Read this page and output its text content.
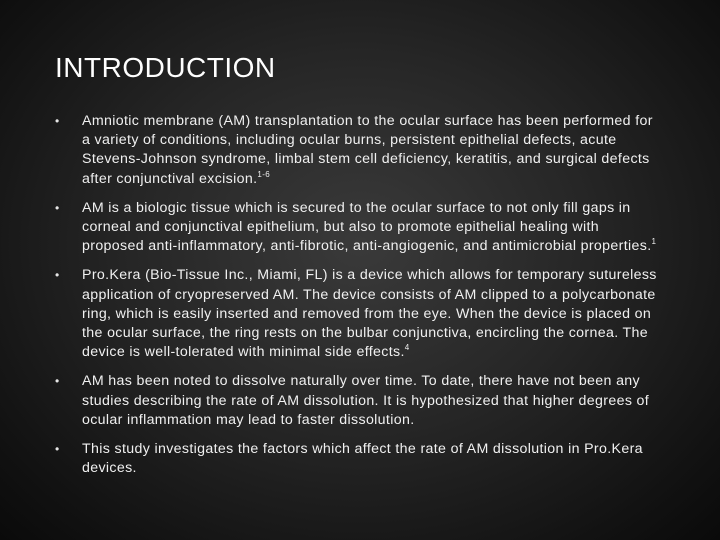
INTRODUCTION
• Amniotic membrane (AM) transplantation to the ocular surface has been performed for a variety of conditions, including ocular burns, persistent epithelial defects, acute Stevens-Johnson syndrome, limbal stem cell deficiency, keratitis, and surgical defects after conjunctival excision.$^{1-6}$
• AM is a biologic tissue which is secured to the ocular surface to not only fill gaps in corneal and conjunctival epithelium, but also to promote epithelial healing with proposed anti-inflammatory, anti-fibrotic, anti-angiogenic, and antimicrobial properties.$^1$
• Pro.Kera (Bio-Tissue Inc., Miami, FL) is a device which allows for temporary sutureless application of cryopreserved AM. The device consists of AM clipped to a polycarbonate ring, which is easily inserted and removed from the eye. When the device is placed on the ocular surface, the ring rests on the bulbar conjunctiva, encircling the cornea. The device is well-tolerated with minimal side effects.$^4$
• AM has been noted to dissolve naturally over time. To date, there have not been any studies describing the rate of AM dissolution. It is hypothesized that higher degrees of ocular inflammation may lead to faster dissolution.
• This study investigates the factors which affect the rate of AM dissolution in Pro.Kera devices.
